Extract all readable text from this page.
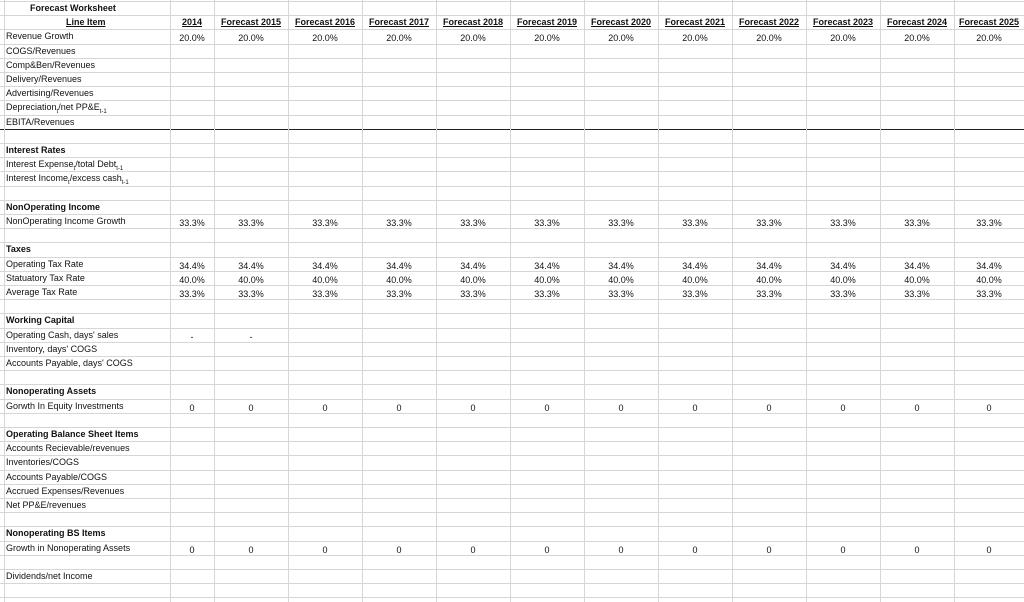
Forecast Worksheet
Line Item	2014	Forecast 2015	Forecast 2016	Forecast 2017	Forecast 2018	Forecast 2019	Forecast 2020	Forecast 2021	Forecast 2022	Forecast 2023	Forecast 2024	Forecast 2025
Revenue Growth	20.0%	20.0%	20.0%	20.0%	20.0%	20.0%	20.0%	20.0%	20.0%	20.0%	20.0%	20.0%
COGS/Revenues
Comp&Ben/Revenues
Delivery/Revenues
Advertising/Revenues
Depreciation$_t$/net $PP\&E_{t-1}$
EBITA/Revenues
Interest Rates
Interest Expense$_t$/total Debt$_{t-1}$
Interest Income$_t$/excess cash$_{t-1}$
NonOperating Income
NonOperating Income Growth	33.3%	33.3%	33.3%	33.3%	33.3%	33.3%	33.3%	33.3%	33.3%	33.3%	33.3%	33.3%
Taxes
Operating Tax Rate	34.4%	34.4%	34.4%	34.4%	34.4%	34.4%	34.4%	34.4%	34.4%	34.4%	34.4%	34.4%
Statuatory Tax Rate	40.0%	40.0%	40.0%	40.0%	40.0%	40.0%	40.0%	40.0%	40.0%	40.0%	40.0%	40.0%
Average Tax Rate	33.3%	33.3%	33.3%	33.3%	33.3%	33.3%	33.3%	33.3%	33.3%	33.3%	33.3%	33.3%
Working Capital
Operating Cash, days' sales	-	-
Inventory, days' COGS
Accounts Payable, days' COGS
Nonoperating Assets
Gorwth In Equity Investments	0	0	0	0	0	0	0	0	0	0	0	0
Operating Balance Sheet Items
Accounts Recievable/revenues
Inventories/COGS
Accounts Payable/COGS
Accrued Expenses/Revenues
Net PP&E/revenues
Nonoperating BS Items
Growth in Nonoperating Assets	0	0	0	0	0	0	0	0	0	0	0	0
Dividends/net Income
